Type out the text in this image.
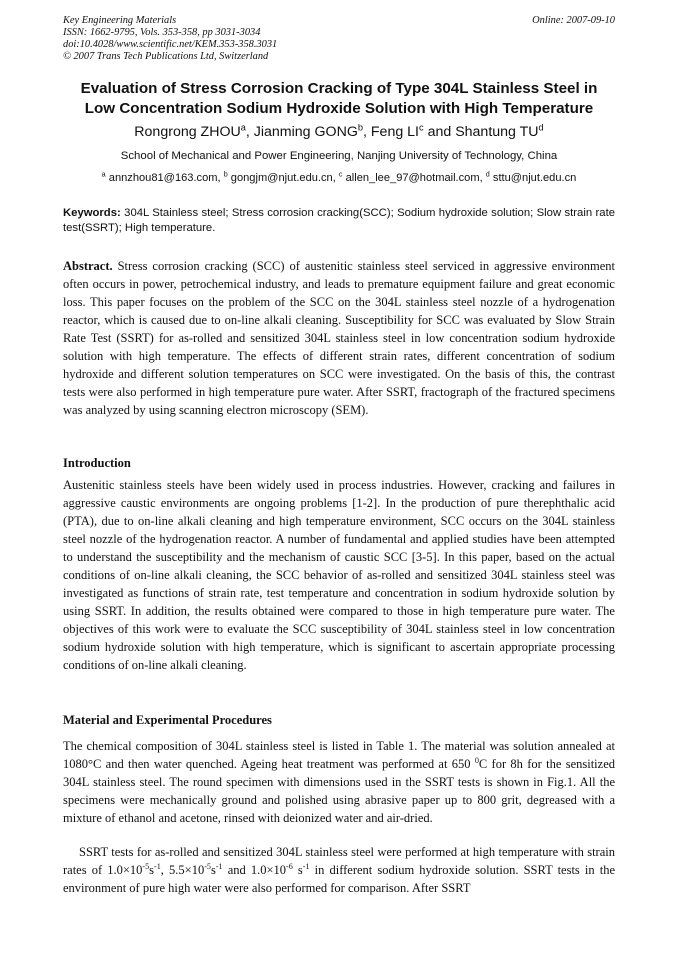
Key Engineering Materials
ISSN: 1662-9795, Vols. 353-358, pp 3031-3034
doi:10.4028/www.scientific.net/KEM.353-358.3031
© 2007 Trans Tech Publications Ltd, Switzerland
Online: 2007-09-10
Evaluation of Stress Corrosion Cracking of Type 304L Stainless Steel in
Low Concentration Sodium Hydroxide Solution with High Temperature
Rongrong ZHOU$^a$, Jianming GONG$^b$, Feng $LI^c$ and Shantung $TU^d$
School of Mechanical and Power Engineering, Nanjing University of Technology, China
$^a$ annzhou81@163.com, $^b$ gongjm@njut.edu.cn, $^c$ allen_lee_97@hotmail.com, $^d$ sttu@njut.edu.cn
Keywords: 304L Stainless steel; Stress corrosion cracking(SCC); Sodium hydroxide solution; Slow strain rate test(SSRT); High temperature.
Abstract. Stress corrosion cracking (SCC) of austenitic stainless steel serviced in aggressive environment often occurs in power, petrochemical industry, and leads to premature equipment failure and great economic loss. This paper focuses on the problem of the SCC on the 304L stainless steel nozzle of a hydrogenation reactor, which is caused due to on-line alkali cleaning. Susceptibility for SCC was evaluated by Slow Strain Rate Test (SSRT) for as-rolled and sensitized 304L stainless steel in low concentration sodium hydroxide solution with high temperature. The effects of different strain rates, different concentration of sodium hydroxide and different solution temperatures on SCC were investigated. On the basis of this, the contrast tests were also performed in high temperature pure water. After SSRT, fractograph of the fractured specimens was analyzed by using scanning electron microscopy (SEM).
Introduction
Austenitic stainless steels have been widely used in process industries. However, cracking and failures in aggressive caustic environments are ongoing problems [1-2]. In the production of pure therephthalic acid (PTA), due to on-line alkali cleaning and high temperature environment, SCC occurs on the 304L stainless steel nozzle of the hydrogenation reactor. A number of fundamental and applied studies have been attempted to understand the susceptibility and the mechanism of caustic SCC [3-5]. In this paper, based on the actual conditions of on-line alkali cleaning, the SCC behavior of as-rolled and sensitized 304L stainless steel was investigated as functions of strain rate, test temperature and concentration in sodium hydroxide solution by using SSRT. In addition, the results obtained were compared to those in high temperature pure water. The objectives of this work were to evaluate the SCC susceptibility of 304L stainless steel in low concentration sodium hydroxide solution with high temperature, which is significant to ascertain appropriate processing conditions of on-line alkali cleaning.
Material and Experimental Procedures
The chemical composition of 304L stainless steel is listed in Table 1. The material was solution annealed at 1080°C and then water quenched. Ageing heat treatment was performed at 650 $^0$C for 8h for the sensitized 304L stainless steel. The round specimen with dimensions used in the SSRT tests is shown in Fig.1. All the specimens were mechanically ground and polished using abrasive paper up to 800 grit, degreased with a mixture of ethanol and acetone, rinsed with deionized water and air-dried.
SSRT tests for as-rolled and sensitized 304L stainless steel were performed at high temperature with strain rates of $1.0\times 10^{-5}s^{-1}$, $5.5\times 10^{-5}s^{-1}$ and $1.0\times 10^{-6}$ $s^{-1}$ in different sodium hydroxide solution. SSRT tests in the environment of pure high water were also performed for comparison. After SSRT
